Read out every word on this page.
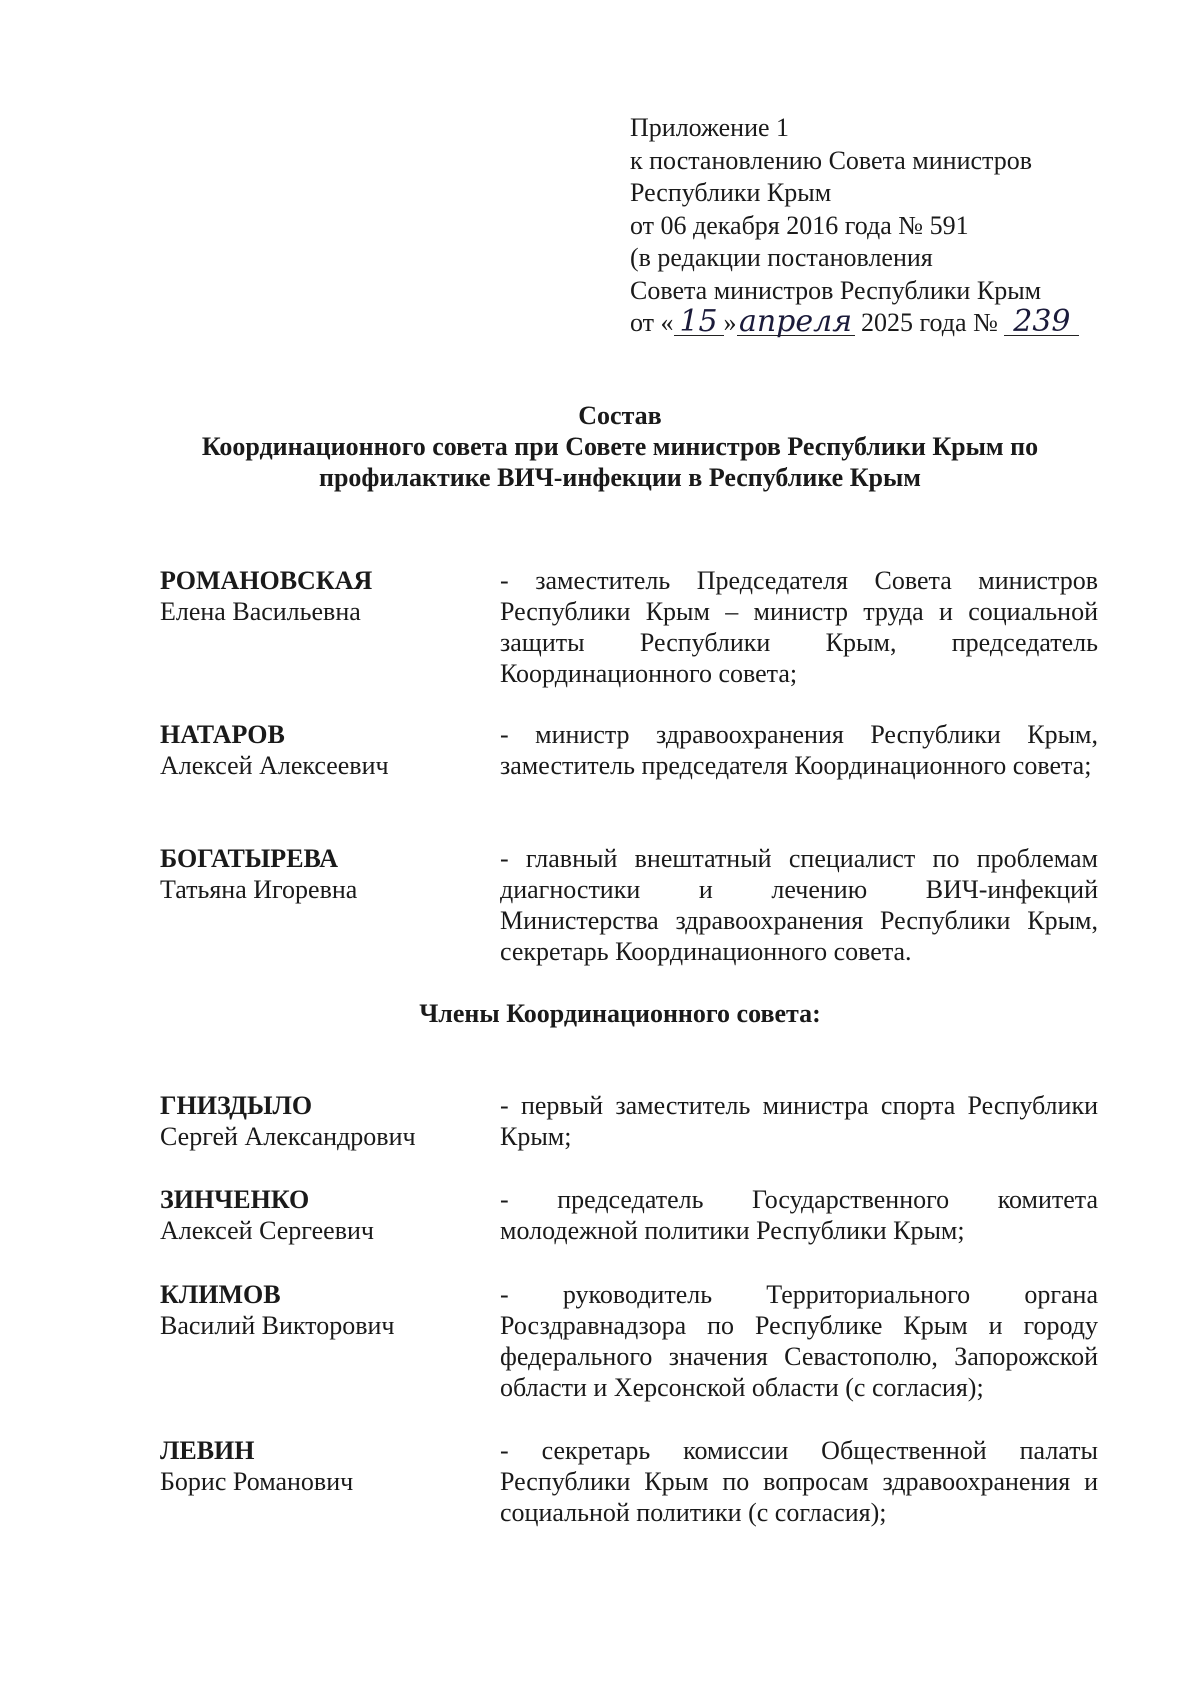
Приложение 1
к постановлению Совета министров
Республики Крым
от 06 декабря 2016 года № 591
(в редакции постановления
Совета министров Республики Крым
от « 15 »апреля 2025 года № 239
Состав
Координационного совета при Совете министров Республики Крым по
профилактике ВИЧ-инфекции в Республике Крым
РОМАНОВСКАЯ
Елена Васильевна
- заместитель Председателя Совета министров Республики Крым – министр труда и социальной защиты Республики Крым, председатель Координационного совета;
НАТАРОВ
Алексей Алексеевич
- министр здравоохранения Республики Крым, заместитель председателя Координационного совета;
БОГАТЫРЕВА
Татьяна Игоревна
- главный внештатный специалист по проблемам диагностики и лечению ВИЧ-инфекций Министерства здравоохранения Республики Крым, секретарь Координационного совета.
Члены Координационного совета:
ГНИЗДЫЛО
Сергей Александрович
- первый заместитель министра спорта Республики Крым;
ЗИНЧЕНКО
Алексей Сергеевич
- председатель Государственного комитета молодежной политики Республики Крым;
КЛИМОВ
Василий Викторович
- руководитель Территориального органа Росздравнадзора по Республике Крым и городу федерального значения Севастополю, Запорожской области и Херсонской области (с согласия);
ЛЕВИН
Борис Романович
- секретарь комиссии Общественной палаты Республики Крым по вопросам здравоохранения и социальной политики (с согласия);
